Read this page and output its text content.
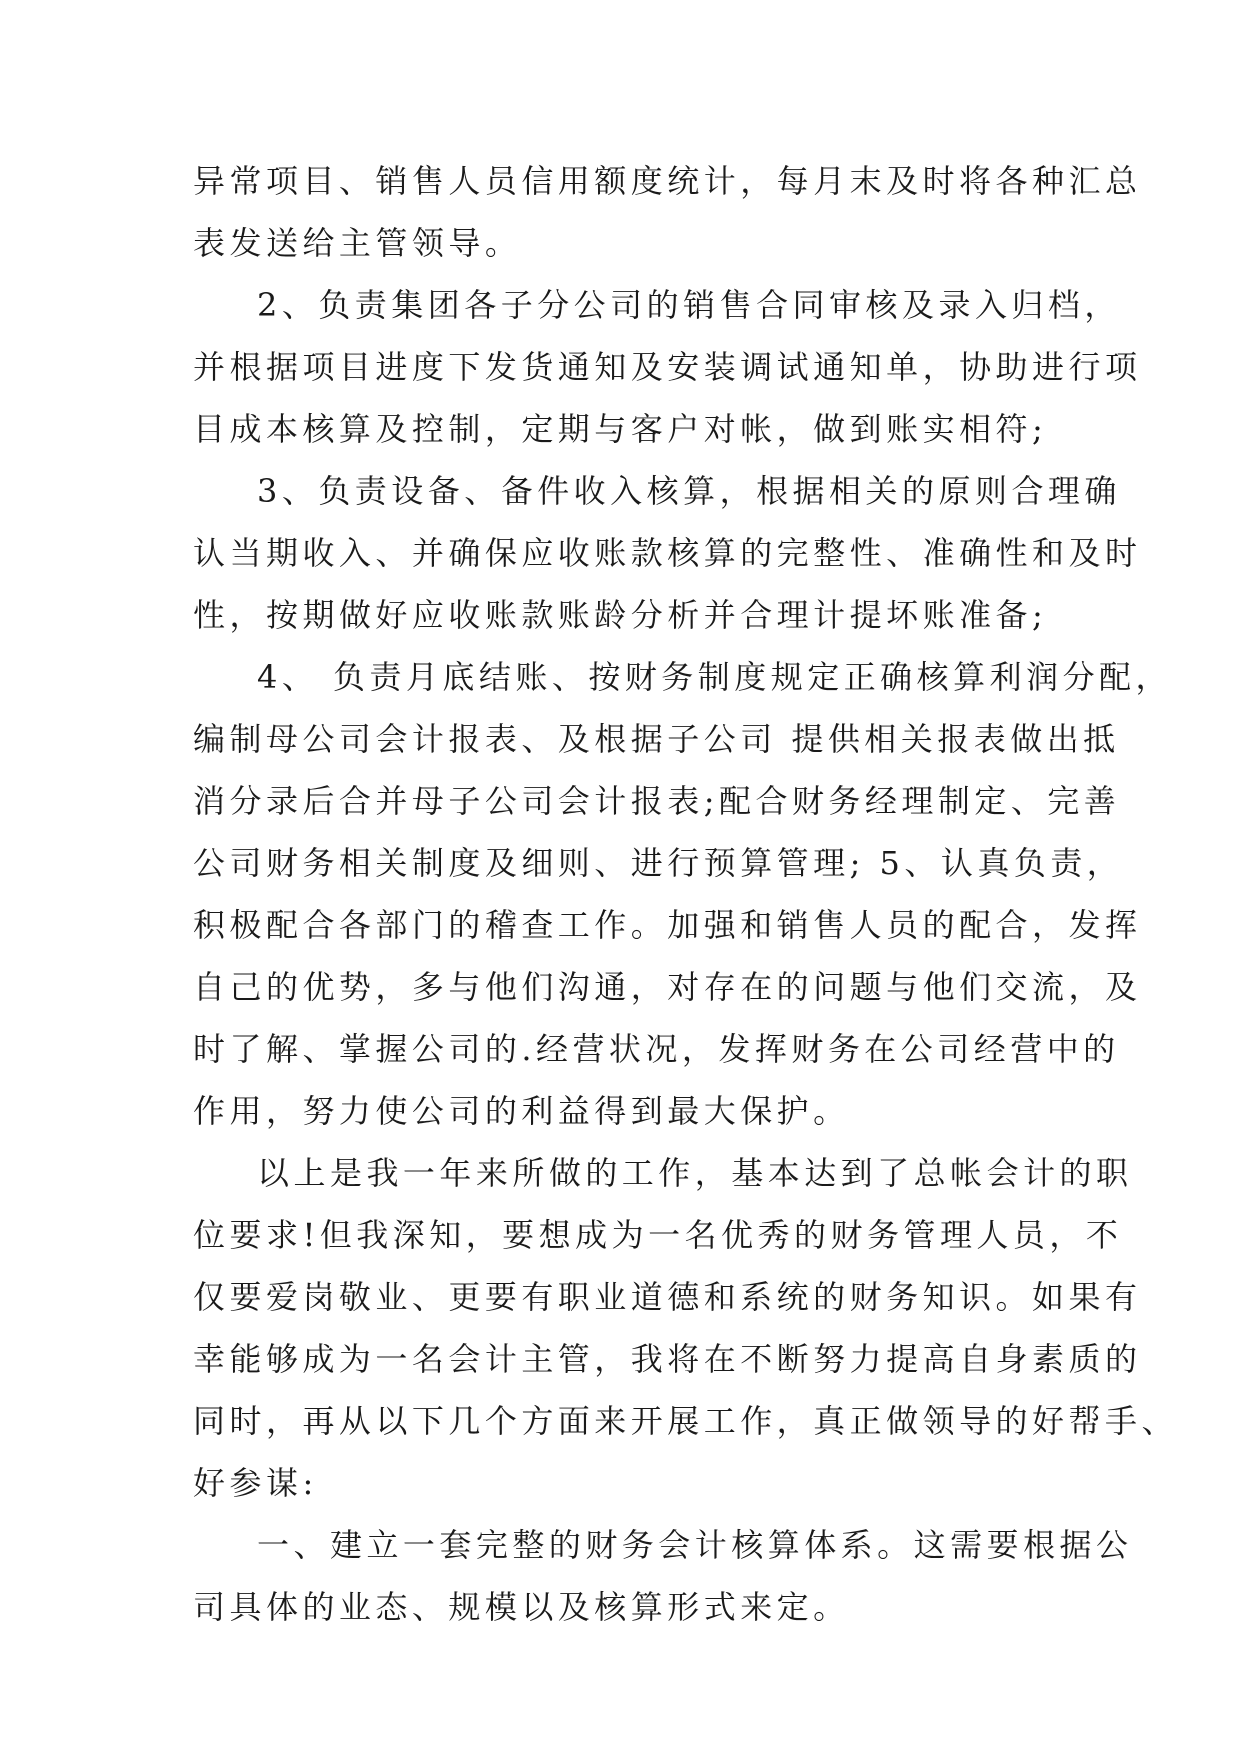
异常项目、销售人员信用额度统计，每月末及时将各种汇总
表发送给主管领导。
2、负责集团各子分公司的销售合同审核及录入归档，
并根据项目进度下发货通知及安装调试通知单，协助进行项
目成本核算及控制，定期与客户对帐，做到账实相符;
3、负责设备、备件收入核算，根据相关的原则合理确
认当期收入、并确保应收账款核算的完整性、准确性和及时
性，按期做好应收账款账龄分析并合理计提坏账准备;
4、 负责月底结账、按财务制度规定正确核算利润分配，
编制母公司会计报表、及根据子公司 提供相关报表做出抵
消分录后合并母子公司会计报表;配合财务经理制定、完善
公司财务相关制度及细则、进行预算管理; 5、认真负责，
积极配合各部门的稽查工作。加强和销售人员的配合，发挥
自己的优势，多与他们沟通，对存在的问题与他们交流，及
时了解、掌握公司的.经营状况，发挥财务在公司经营中的
作用，努力使公司的利益得到最大保护。
以上是我一年来所做的工作，基本达到了总帐会计的职
位要求!但我深知，要想成为一名优秀的财务管理人员，不
仅要爱岗敬业、更要有职业道德和系统的财务知识。如果有
幸能够成为一名会计主管，我将在不断努力提高自身素质的
同时，再从以下几个方面来开展工作，真正做领导的好帮手、
好参谋:
一、建立一套完整的财务会计核算体系。这需要根据公
司具体的业态、规模以及核算形式来定。
